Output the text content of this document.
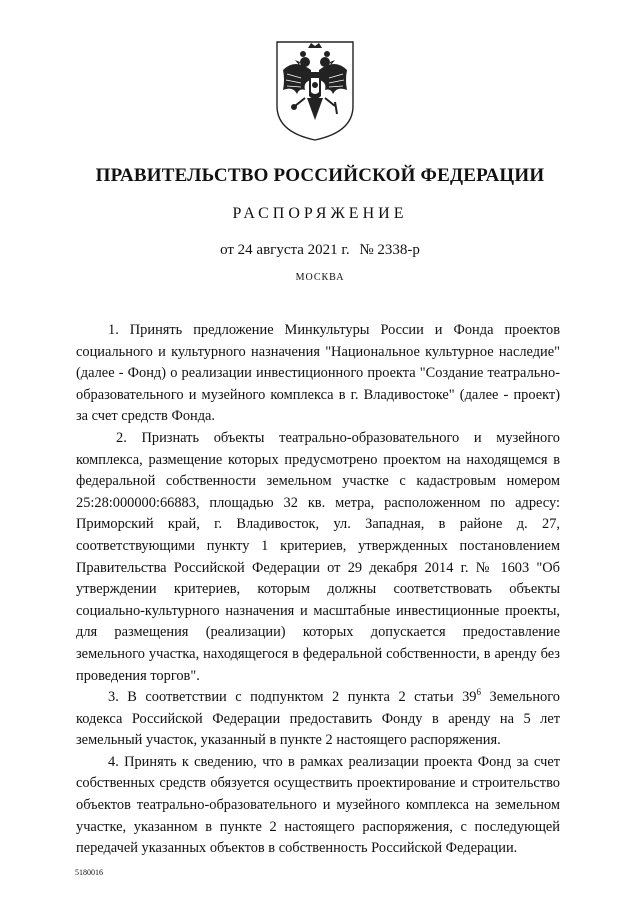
ПРАВИТЕЛЬСТВО РОССИЙСКОЙ ФЕДЕРАЦИИ
РАСПОРЯЖЕНИЕ
от 24 августа 2021 г. № 2338-р
МОСКВА

1. Принять предложение Минкультуры России и Фонда проектов социального и культурного назначения "Национальное культурное наследие" (далее - Фонд) о реализации инвестиционного проекта "Создание театрально-образовательного и музейного комплекса в г. Владивостоке" (далее - проект) за счет средств Фонда.

2. Признать объекты театрально-образовательного и музейного комплекса, размещение которых предусмотрено проектом на находящемся в федеральной собственности земельном участке с кадастровым номером 25:28:000000:66883, площадью 32 кв. метра, расположенном по адресу: Приморский край, г. Владивосток, ул. Западная, в районе д. 27, соответствующими пункту 1 критериев, утвержденных постановлением Правительства Российской Федерации от 29 декабря 2014 г. № 1603 "Об утверждении критериев, которым должны соответствовать объекты социально-культурного назначения и масштабные инвестиционные проекты, для размещения (реализации) которых допускается предоставление земельного участка, находящегося в федеральной собственности, в аренду без проведения торгов".

3. В соответствии с подпунктом 2 пункта 2 статьи $39^6$ Земельного кодекса Российской Федерации предоставить Фонду в аренду на 5 лет земельный участок, указанный в пункте 2 настоящего распоряжения.

4. Принять к сведению, что в рамках реализации проекта Фонд за счет собственных средств обязуется осуществить проектирование и строительство объектов театрально-образовательного и музейного комплекса на земельном участке, указанном в пункте 2 настоящего распоряжения, с последующей передачей указанных объектов в собственность Российской Федерации.

5180016
